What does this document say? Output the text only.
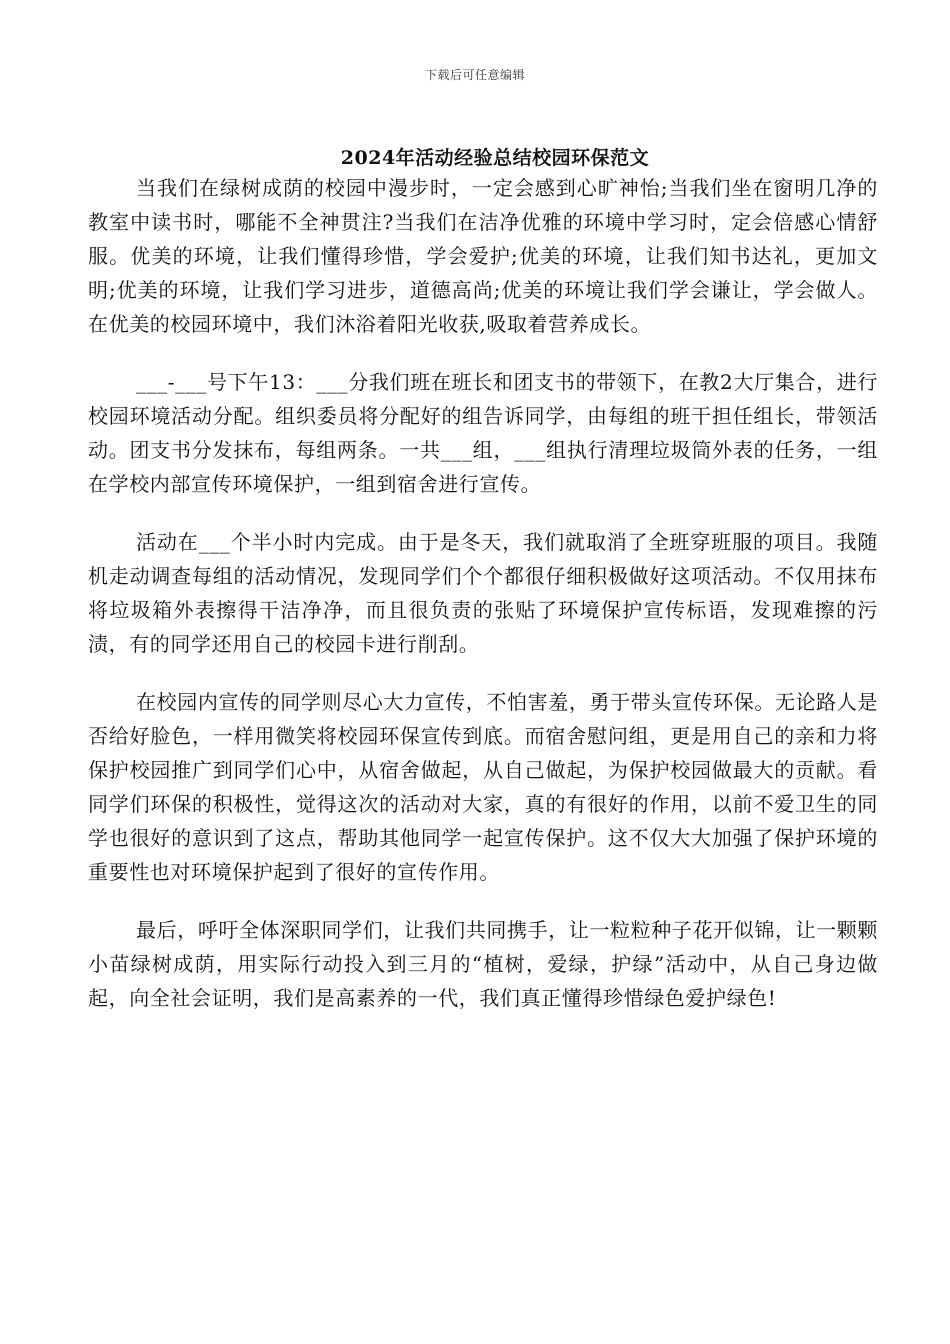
下载后可任意编辑
2024年活动经验总结校园环保范文

当我们在绿树成荫的校园中漫步时，一定会感到心旷神怡;当我们坐在窗明几净的教室中读书时，哪能不全神贯注?当我们在洁净优雅的环境中学习时，定会倍感心情舒服。优美的环境，让我们懂得珍惜，学会爱护;优美的环境，让我们知书达礼，更加文明;优美的环境，让我们学习进步，道德高尚;优美的环境让我们学会谦让，学会做人。在优美的校园环境中，我们沐浴着阳光收获,吸取着营养成长。

___-___号下午13：___分我们班在班长和团支书的带领下，在教2大厅集合，进行校园环境活动分配。组织委员将分配好的组告诉同学，由每组的班干担任组长，带领活动。团支书分发抹布，每组两条。一共___组，___组执行清理垃圾筒外表的任务，一组在学校内部宣传环境保护，一组到宿舍进行宣传。

活动在___个半小时内完成。由于是冬天，我们就取消了全班穿班服的项目。我随机走动调查每组的活动情况，发现同学们个个都很仔细积极做好这项活动。不仅用抹布将垃圾箱外表擦得干洁净净，而且很负责的张贴了环境保护宣传标语，发现难擦的污渍，有的同学还用自己的校园卡进行削刮。

在校园内宣传的同学则尽心大力宣传，不怕害羞，勇于带头宣传环保。无论路人是否给好脸色，一样用微笑将校园环保宣传到底。而宿舍慰问组，更是用自己的亲和力将保护校园推广到同学们心中，从宿舍做起，从自己做起，为保护校园做最大的贡献。看同学们环保的积极性，觉得这次的活动对大家，真的有很好的作用，以前不爱卫生的同学也很好的意识到了这点，帮助其他同学一起宣传保护。这不仅大大加强了保护环境的重要性也对环境保护起到了很好的宣传作用。

最后，呼吁全体深职同学们，让我们共同携手，让一粒粒种子花开似锦，让一颗颗小苗绿树成荫，用实际行动投入到三月的“植树，爱绿，护绿”活动中，从自己身边做起，向全社会证明，我们是高素养的一代，我们真正懂得珍惜绿色爱护绿色!
